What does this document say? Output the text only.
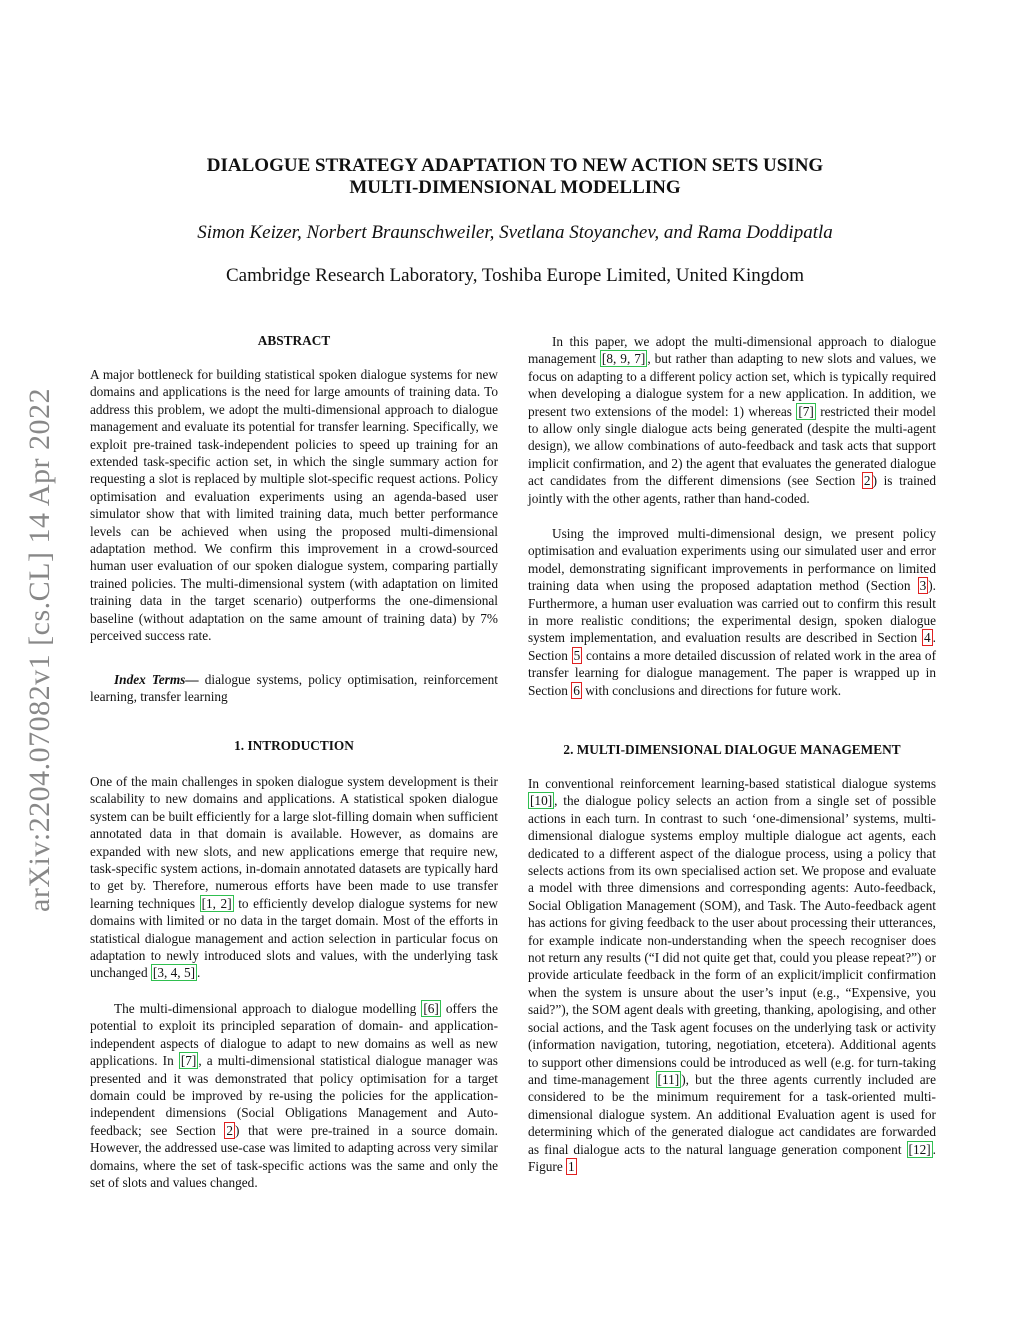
arXiv:2204.07082v1 [cs.CL] 14 Apr 2022
DIALOGUE STRATEGY ADAPTATION TO NEW ACTION SETS USING
MULTI-DIMENSIONAL MODELLING
Simon Keizer, Norbert Braunschweiler, Svetlana Stoyanchev, and Rama Doddipatla
Cambridge Research Laboratory, Toshiba Europe Limited, United Kingdom
ABSTRACT
A major bottleneck for building statistical spoken dialogue systems for new domains and applications is the need for large amounts of training data. To address this problem, we adopt the multi-dimensional approach to dialogue management and evaluate its potential for transfer learning. Specifically, we exploit pre-trained task-independent policies to speed up training for an extended task-specific action set, in which the single summary action for requesting a slot is replaced by multiple slot-specific request actions. Policy optimisation and evaluation experiments using an agenda-based user simulator show that with limited training data, much better performance levels can be achieved when using the proposed multi-dimensional adaptation method. We confirm this improvement in a crowd-sourced human user evaluation of our spoken dialogue system, comparing partially trained policies. The multi-dimensional system (with adaptation on limited training data in the target scenario) outperforms the one-dimensional baseline (without adaptation on the same amount of training data) by 7% perceived success rate.
Index Terms— dialogue systems, policy optimisation, reinforcement learning, transfer learning
1. INTRODUCTION
One of the main challenges in spoken dialogue system development is their scalability to new domains and applications. A statistical spoken dialogue system can be built efficiently for a large slot-filling domain when sufficient annotated data in that domain is available. However, as domains are expanded with new slots, and new applications emerge that require new, task-specific system actions, in-domain annotated datasets are typically hard to get by. Therefore, numerous efforts have been made to use transfer learning techniques [1, 2] to efficiently develop dialogue systems for new domains with limited or no data in the target domain. Most of the efforts in statistical dialogue management and action selection in particular focus on adaptation to newly introduced slots and values, with the underlying task unchanged [3, 4, 5] .
The multi-dimensional approach to dialogue modelling [6] offers the potential to exploit its principled separation of domain- and application-independent aspects of dialogue to adapt to new domains as well as new applications. In [7] , a multi-dimensional statistical dialogue manager was presented and it was demonstrated that policy optimisation for a target domain could be improved by re-using the policies for the application-independent dimensions (Social Obligations Management and Auto-feedback; see Section 2 ) that were pre-trained in a source domain. However, the addressed use-case was limited to adapting across very similar domains, where the set of task-specific actions was the same and only the set of slots and values changed.
In this paper, we adopt the multi-dimensional approach to dialogue management [8, 9, 7] , but rather than adapting to new slots and values, we focus on adapting to a different policy action set, which is typically required when developing a dialogue system for a new application. In addition, we present two extensions of the model: 1) whereas [7] restricted their model to allow only single dialogue acts being generated (despite the multi-agent design), we allow combinations of auto-feedback and task acts that support implicit confirmation, and 2) the agent that evaluates the generated dialogue act candidates from the different dimensions (see Section 2 ) is trained jointly with the other agents, rather than hand-coded.
Using the improved multi-dimensional design, we present policy optimisation and evaluation experiments using our simulated user and error model, demonstrating significant improvements in performance on limited training data when using the proposed adaptation method (Section 3 ). Furthermore, a human user evaluation was carried out to confirm this result in more realistic conditions; the experimental design, spoken dialogue system implementation, and evaluation results are described in Section 4 . Section 5 contains a more detailed discussion of related work in the area of transfer learning for dialogue management. The paper is wrapped up in Section 6 with conclusions and directions for future work.
2. MULTI-DIMENSIONAL DIALOGUE MANAGEMENT
In conventional reinforcement learning-based statistical dialogue systems [10] , the dialogue policy selects an action from a single set of possible actions in each turn. In contrast to such ‘one-dimensional’ systems, multi-dimensional dialogue systems employ multiple dialogue act agents, each dedicated to a different aspect of the dialogue process, using a policy that selects actions from its own specialised action set. We propose and evaluate a model with three dimensions and corresponding agents: Auto-feedback, Social Obligation Management (SOM), and Task. The Auto-feedback agent has actions for giving feedback to the user about processing their utterances, for example indicate non-understanding when the speech recogniser does not return any results (“I did not quite get that, could you please repeat?”) or provide articulate feedback in the form of an explicit/implicit confirmation when the system is unsure about the user’s input (e.g., “Expensive, you said?”), the SOM agent deals with greeting, thanking, apologising, and other social actions, and the Task agent focuses on the underlying task or activity (information navigation, tutoring, negotiation, etcetera). Additional agents to support other dimensions could be introduced as well (e.g. for turn-taking and time-management [11] ), but the three agents currently included are considered to be the minimum requirement for a task-oriented multi-dimensional dialogue system. An additional Evaluation agent is used for determining which of the generated dialogue act candidates are forwarded as final dialogue acts to the natural language generation component [12] . Figure 1
